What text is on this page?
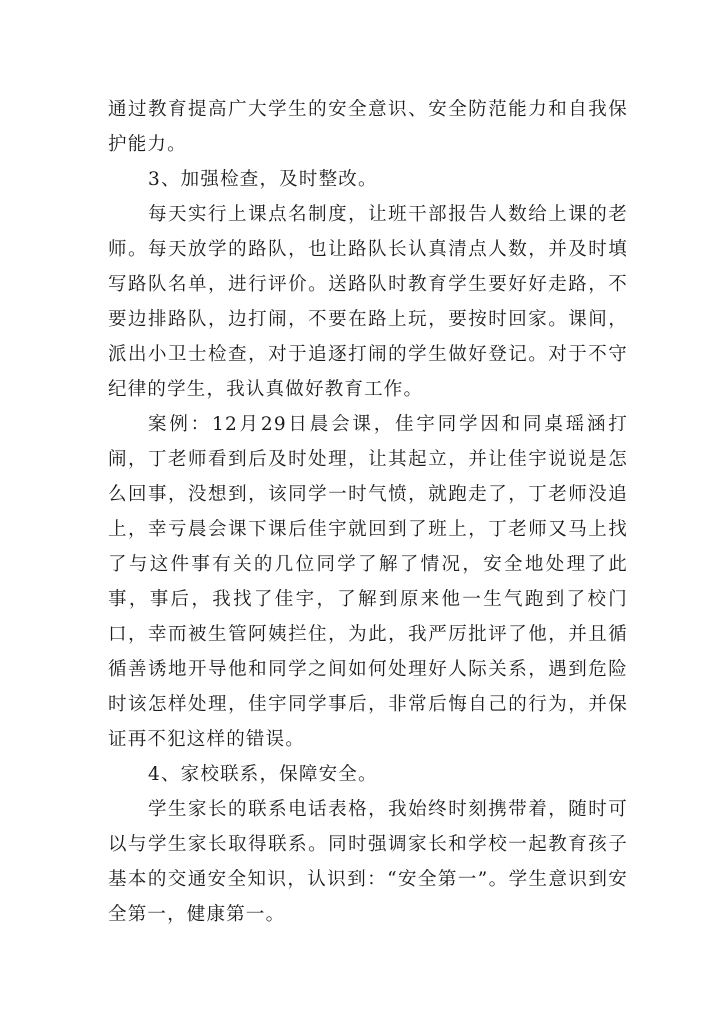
通过教育提高广大学生的安全意识、安全防范能力和自我保护能力。

3、加强检查，及时整改。

每天实行上课点名制度，让班干部报告人数给上课的老师。每天放学的路队，也让路队长认真清点人数，并及时填写路队名单，进行评价。送路队时教育学生要好好走路，不要边排路队，边打闹，不要在路上玩，要按时回家。课间，派出小卫士检查，对于追逐打闹的学生做好登记。对于不守纪律的学生，我认真做好教育工作。

案例：12月29日晨会课，佳宇同学因和同桌瑶涵打闹，丁老师看到后及时处理，让其起立，并让佳宇说说是怎么回事，没想到，该同学一时气愤，就跑走了，丁老师没追上，幸亏晨会课下课后佳宇就回到了班上，丁老师又马上找了与这件事有关的几位同学了解了情况，安全地处理了此事，事后，我找了佳宇，了解到原来他一生气跑到了校门口，幸而被生管阿姨拦住，为此，我严厉批评了他，并且循循善诱地开导他和同学之间如何处理好人际关系，遇到危险时该怎样处理，佳宇同学事后，非常后悔自己的行为，并保证再不犯这样的错误。

4、家校联系，保障安全。

学生家长的联系电话表格，我始终时刻携带着，随时可以与学生家长取得联系。同时强调家长和学校一起教育孩子基本的交通安全知识，认识到：“安全第一”。学生意识到安全第一，健康第一。
